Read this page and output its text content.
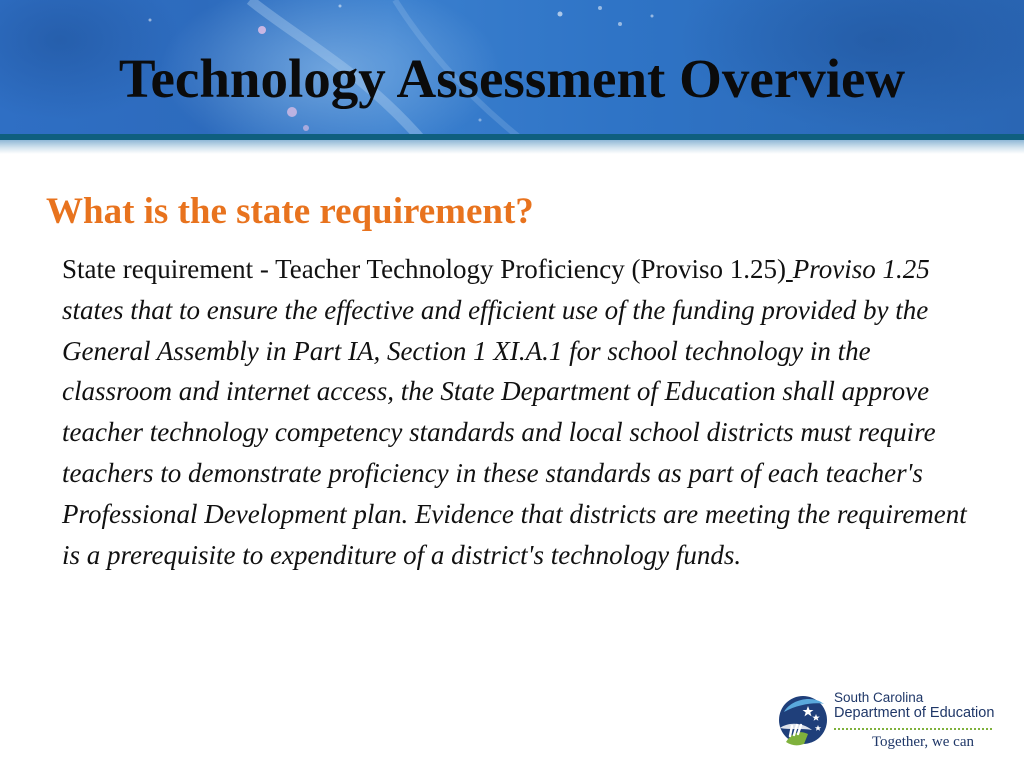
Technology Assessment Overview
What is the state requirement?

State requirement - Teacher Technology Proficiency (Proviso 1.25) Proviso 1.25 states that to ensure the effective and efficient use of the funding provided by the General Assembly in Part IA, Section 1 XI.A.1 for school technology in the classroom and internet access, the State Department of Education shall approve teacher technology competency standards and local school districts must require teachers to demonstrate proficiency in these standards as part of each teacher's Professional Development plan. Evidence that districts are meeting the requirement is a prerequisite to expenditure of a district's technology funds.

South Carolina
Department of Education
Together, we can
